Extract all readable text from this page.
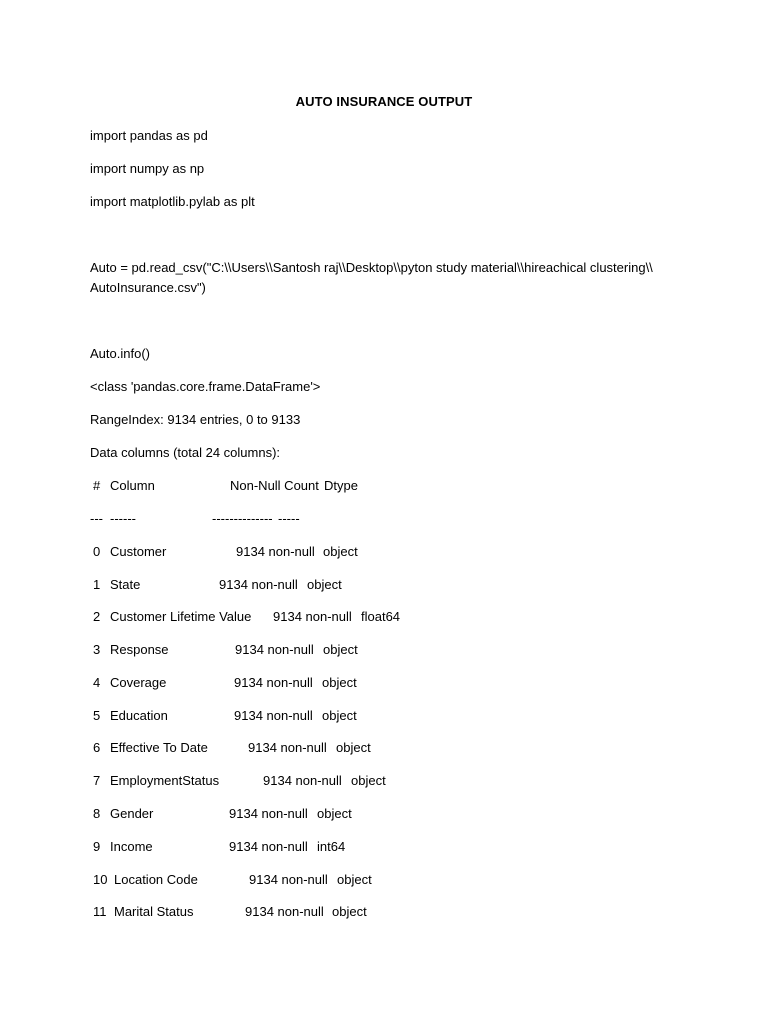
AUTO INSURANCE OUTPUT
import pandas as pd
import numpy as np
import matplotlib.pylab as plt
Auto = pd.read_csv("C:\\Users\\Santosh raj\\Desktop\\pyton study material\\hireachical clustering\\
AutoInsurance.csv")
Auto.info()
<class 'pandas.core.frame.DataFrame'>
RangeIndex: 9134 entries, 0 to 9133
Data columns (total 24 columns):
# Column	Non-Null Count Dtype
--- ------	-------------- -----
0 Customer	9134 non-null object
1 State	9134 non-null object
2 Customer Lifetime Value 9134 non-null float64
3 Response	9134 non-null object
4 Coverage	9134 non-null object
5 Education	9134 non-null object
6 Effective To Date	9134 non-null object
7 EmploymentStatus	9134 non-null object
8 Gender	9134 non-null object
9 Income	9134 non-null int64
10 Location Code	9134 non-null object
11 Marital Status	9134 non-null object
